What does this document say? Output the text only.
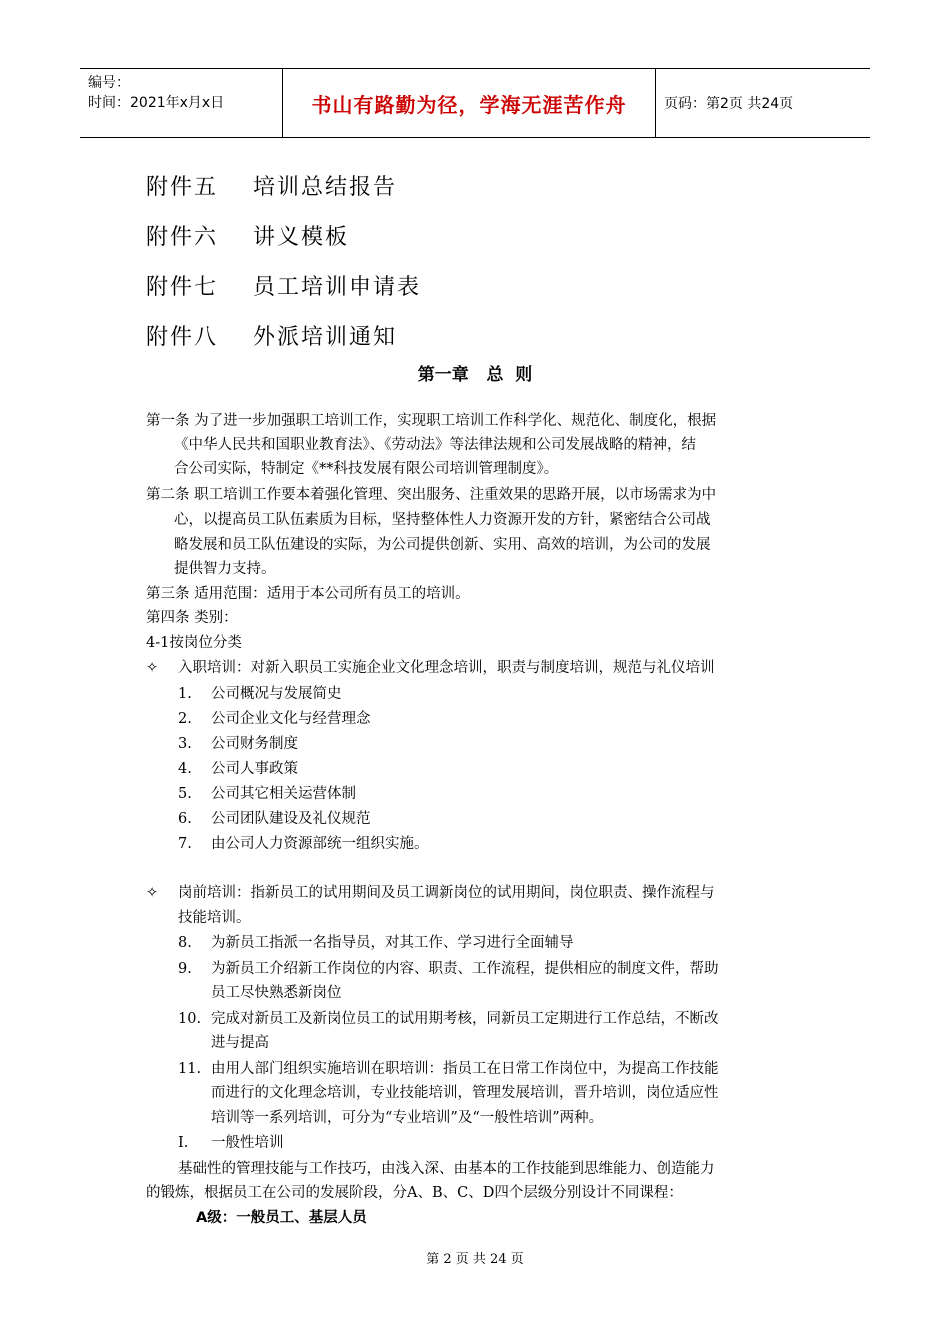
编号：
时间：2021年x月x日	书山有路勤为径，学海无涯苦作舟	页码：第2页 共24页
附件五 培训总结报告
附件六 讲义模板
附件七 员工培训申请表
附件八 外派培训通知
第一章   总  则
第一条 为了进一步加强职工培训工作，实现职工培训工作科学化、规范化、制度化，根据
《中华人民共和国职业教育法》、《劳动法》等法律法规和公司发展战略的精神，结
合公司实际，特制定《**科技发展有限公司培训管理制度》。
第二条 职工培训工作要本着强化管理、突出服务、注重效果的思路开展，以市场需求为中
心，以提高员工队伍素质为目标，坚持整体性人力资源开发的方针，紧密结合公司战
略发展和员工队伍建设的实际，为公司提供创新、实用、高效的培训，为公司的发展
提供智力支持。
第三条 适用范围：适用于本公司所有员工的培训。
第四条 类别：
4-1按岗位分类
✧ 入职培训：对新入职员工实施企业文化理念培训，职责与制度培训，规范与礼仪培训
1. 公司概况与发展简史
2. 公司企业文化与经营理念
3. 公司财务制度
4. 公司人事政策
5. 公司其它相关运营体制
6. 公司团队建设及礼仪规范
7. 由公司人力资源部统一组织实施。
✧ 岗前培训：指新员工的试用期间及员工调新岗位的试用期间，岗位职责、操作流程与
技能培训。
8. 为新员工指派一名指导员，对其工作、学习进行全面辅导
9. 为新员工介绍新工作岗位的内容、职责、工作流程，提供相应的制度文件，帮助
员工尽快熟悉新岗位
10. 完成对新员工及新岗位员工的试用期考核，同新员工定期进行工作总结，不断改
进与提高
11. 由用人部门组织实施培训在职培训：指员工在日常工作岗位中，为提高工作技能
而进行的文化理念培训，专业技能培训，管理发展培训，晋升培训，岗位适应性
培训等一系列培训，可分为“专业培训”及“一般性培训”两种。
I. 一般性培训
基础性的管理技能与工作技巧，由浅入深、由基本的工作技能到思维能力、创造能力
的锻炼，根据员工在公司的发展阶段，分A、B、C、D四个层级分别设计不同课程：
A级：一般员工、基层人员
第 2 页 共 24 页
